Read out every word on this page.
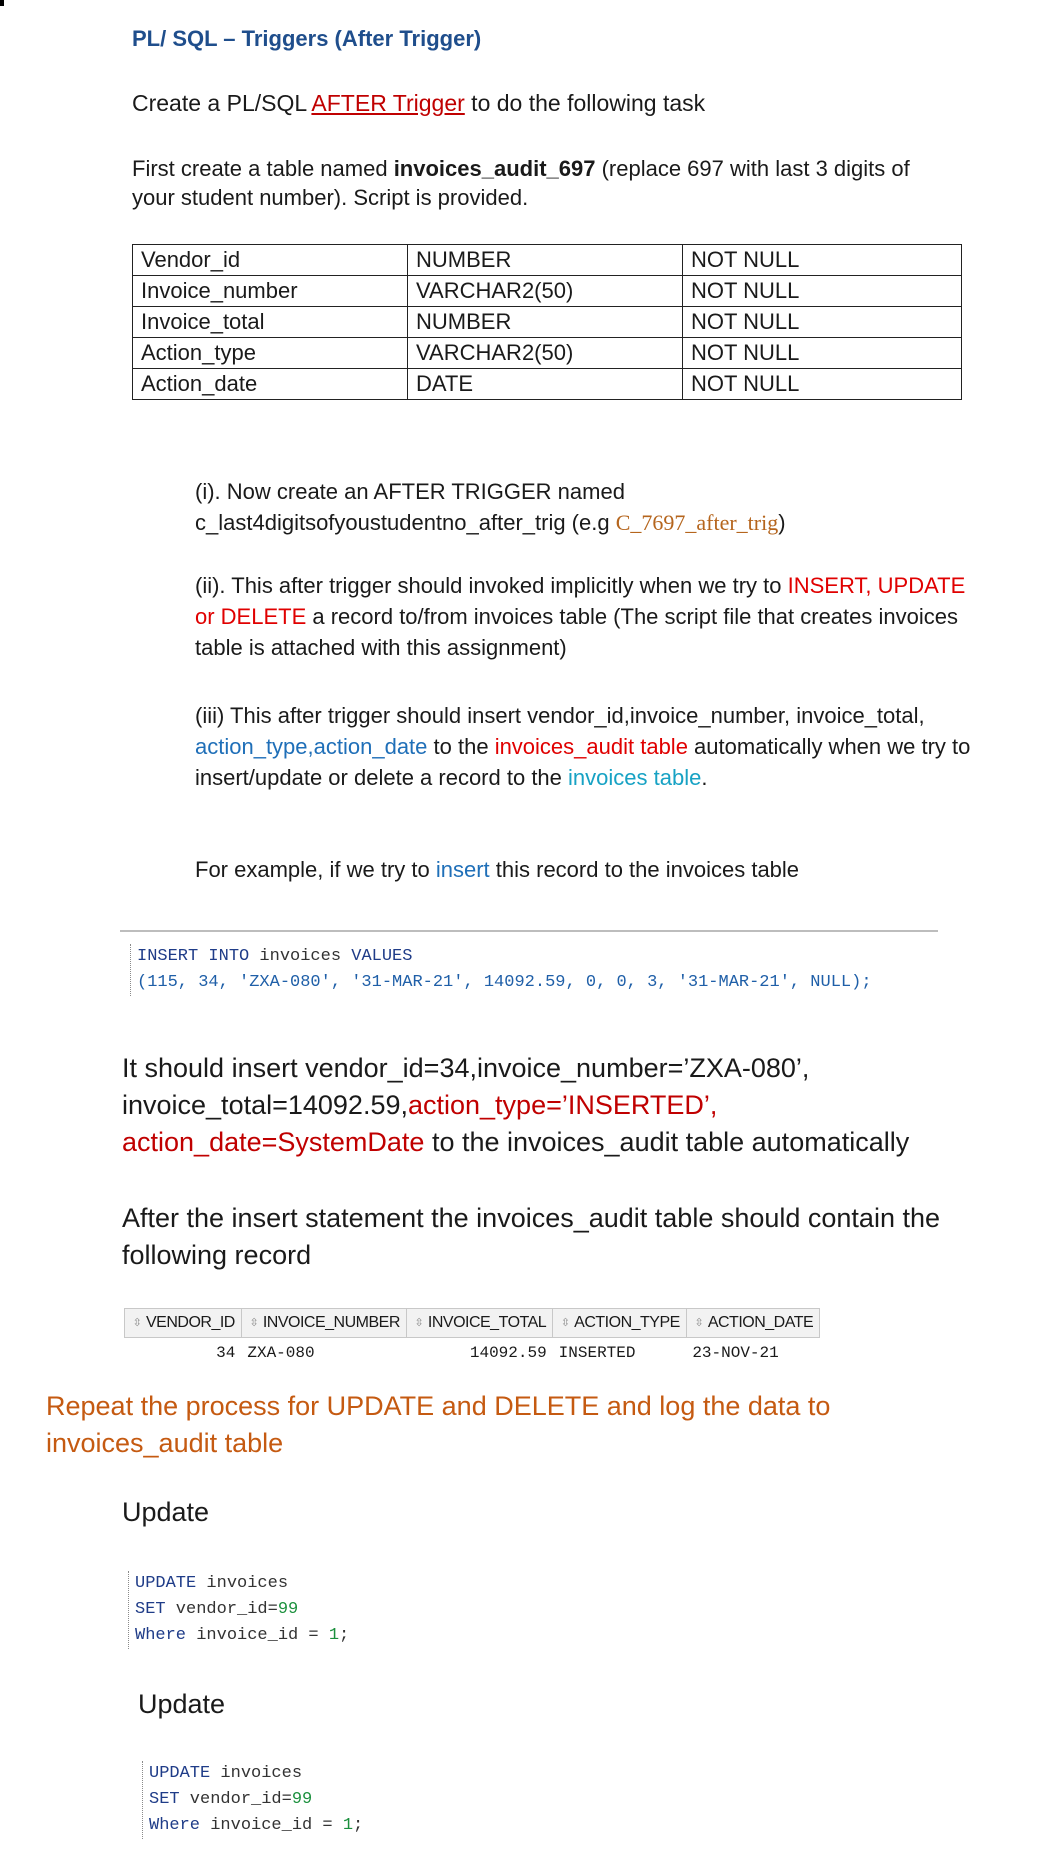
PL/ SQL – Triggers (After Trigger)
Create a PL/SQL AFTER Trigger to do the following task
First create a table named invoices_audit_697 (replace 697 with last 3 digits of your student number). Script is provided.
Vendor_id	NUMBER	NOT NULL
Invoice_number	VARCHAR2(50)	NOT NULL
Invoice_total	NUMBER	NOT NULL
Action_type	VARCHAR2(50)	NOT NULL
Action_date	DATE	NOT NULL
(i). Now create an AFTER TRIGGER named
c_last4digitsofyoustudentno_after_trig (e.g C_7697_after_trig)
(ii). This after trigger should invoked implicitly when we try to INSERT, UPDATE or DELETE a record to/from invoices table (The script file that creates invoices table is attached with this assignment)
(iii) This after trigger should insert vendor_id,invoice_number, invoice_total, action_type,action_date to the invoices_audit table automatically when we try to insert/update or delete a record to the invoices table.
For example, if we try to insert this record to the invoices table
INSERT INTO invoices VALUES
(115, 34, 'ZXA-080', '31-MAR-21', 14092.59, 0, 0, 3, '31-MAR-21', NULL);
It should insert vendor_id=34,invoice_number=’ZXA-080’, invoice_total=14092.59,action_type=’INSERTED’, action_date=SystemDate to the invoices_audit table automatically
After the insert statement the invoices_audit table should contain the following record
⇳ VENDOR_ID	⇳ INVOICE_NUMBER	⇳ INVOICE_TOTAL	⇳ ACTION_TYPE	⇳ ACTION_DATE
34	ZXA-080	14092.59	INSERTED	23-NOV-21
Repeat the process for UPDATE and DELETE and log the data to invoices_audit table
Update
UPDATE invoices
SET vendor_id=99
Where invoice_id = 1;
Update
UPDATE invoices
SET vendor_id=99
Where invoice_id = 1;
